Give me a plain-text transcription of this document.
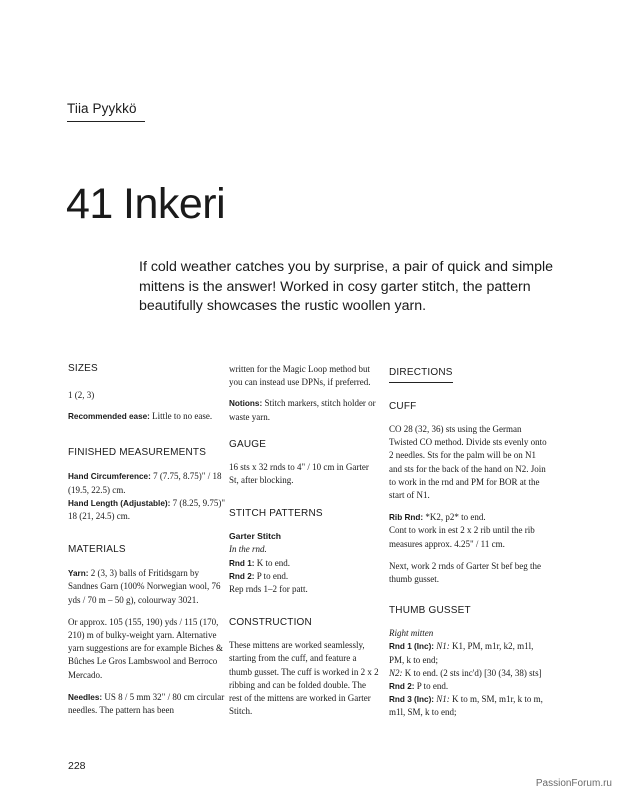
Tiia Pyykkö
41 Inkeri

If cold weather catches you by surprise, a pair of quick and simple mittens is the answer! Worked in cosy garter stitch, the pattern beautifully showcases the rustic woollen yarn.

SIZES

1 (2, 3)

Recommended ease: Little to no ease.

FINISHED MEASUREMENTS

Hand Circumference: 7 (7.75, 8.75)" / 18 (19.5, 22.5) cm.

Hand Length (Adjustable): 7 (8.25, 9.75)" 18 (21, 24.5) cm.

MATERIALS

Yarn: 2 (3, 3) balls of Fritidsgarn by Sandnes Garn (100% Norwegian wool, 76 yds / 70 m – 50 g), colourway 3021.

Or approx. 105 (155, 190) yds / 115 (170, 210) m of bulky-weight yarn. Alternative yarn suggestions are for example Biches & Bûches Le Gros Lambswool and Berroco Mercado.

Needles: US 8 / 5 mm 32" / 80 cm circular needles. The pattern has been

written for the Magic Loop method but you can instead use DPNs, if preferred.

Notions: Stitch markers, stitch holder or waste yarn.

GAUGE

16 sts x 32 rnds to 4" / 10 cm in Garter St, after blocking.

STITCH PATTERNS

Garter Stitch
In the rnd.
Rnd 1: K to end.
Rnd 2: P to end.
Rep rnds 1–2 for patt.

CONSTRUCTION

These mittens are worked seamlessly, starting from the cuff, and feature a thumb gusset. The cuff is worked in 2 x 2 ribbing and can be folded double. The rest of the mittens are worked in Garter Stitch.

DIRECTIONS

CUFF

CO 28 (32, 36) sts using the German Twisted CO method. Divide sts evenly onto 2 needles. Sts for the palm will be on N1 and sts for the back of the hand on N2. Join to work in the rnd and PM for BOR at the start of N1.

Rib Rnd: *K2, p2* to end.

Cont to work in est 2 x 2 rib until the rib measures approx. 4.25" / 11 cm.

Next, work 2 rnds of Garter St bef beg the thumb gusset.

THUMB GUSSET

Right mitten

Rnd 1 (Inc): N1: K1, PM, m1r, k2, m1l, PM, k to end;

N2: K to end. (2 sts inc'd) [30 (34, 38) sts]

Rnd 2: P to end.

Rnd 3 (Inc): N1: K to m, SM, m1r, k to m, m1l, SM, k to end;

228
PassionForum.ru
